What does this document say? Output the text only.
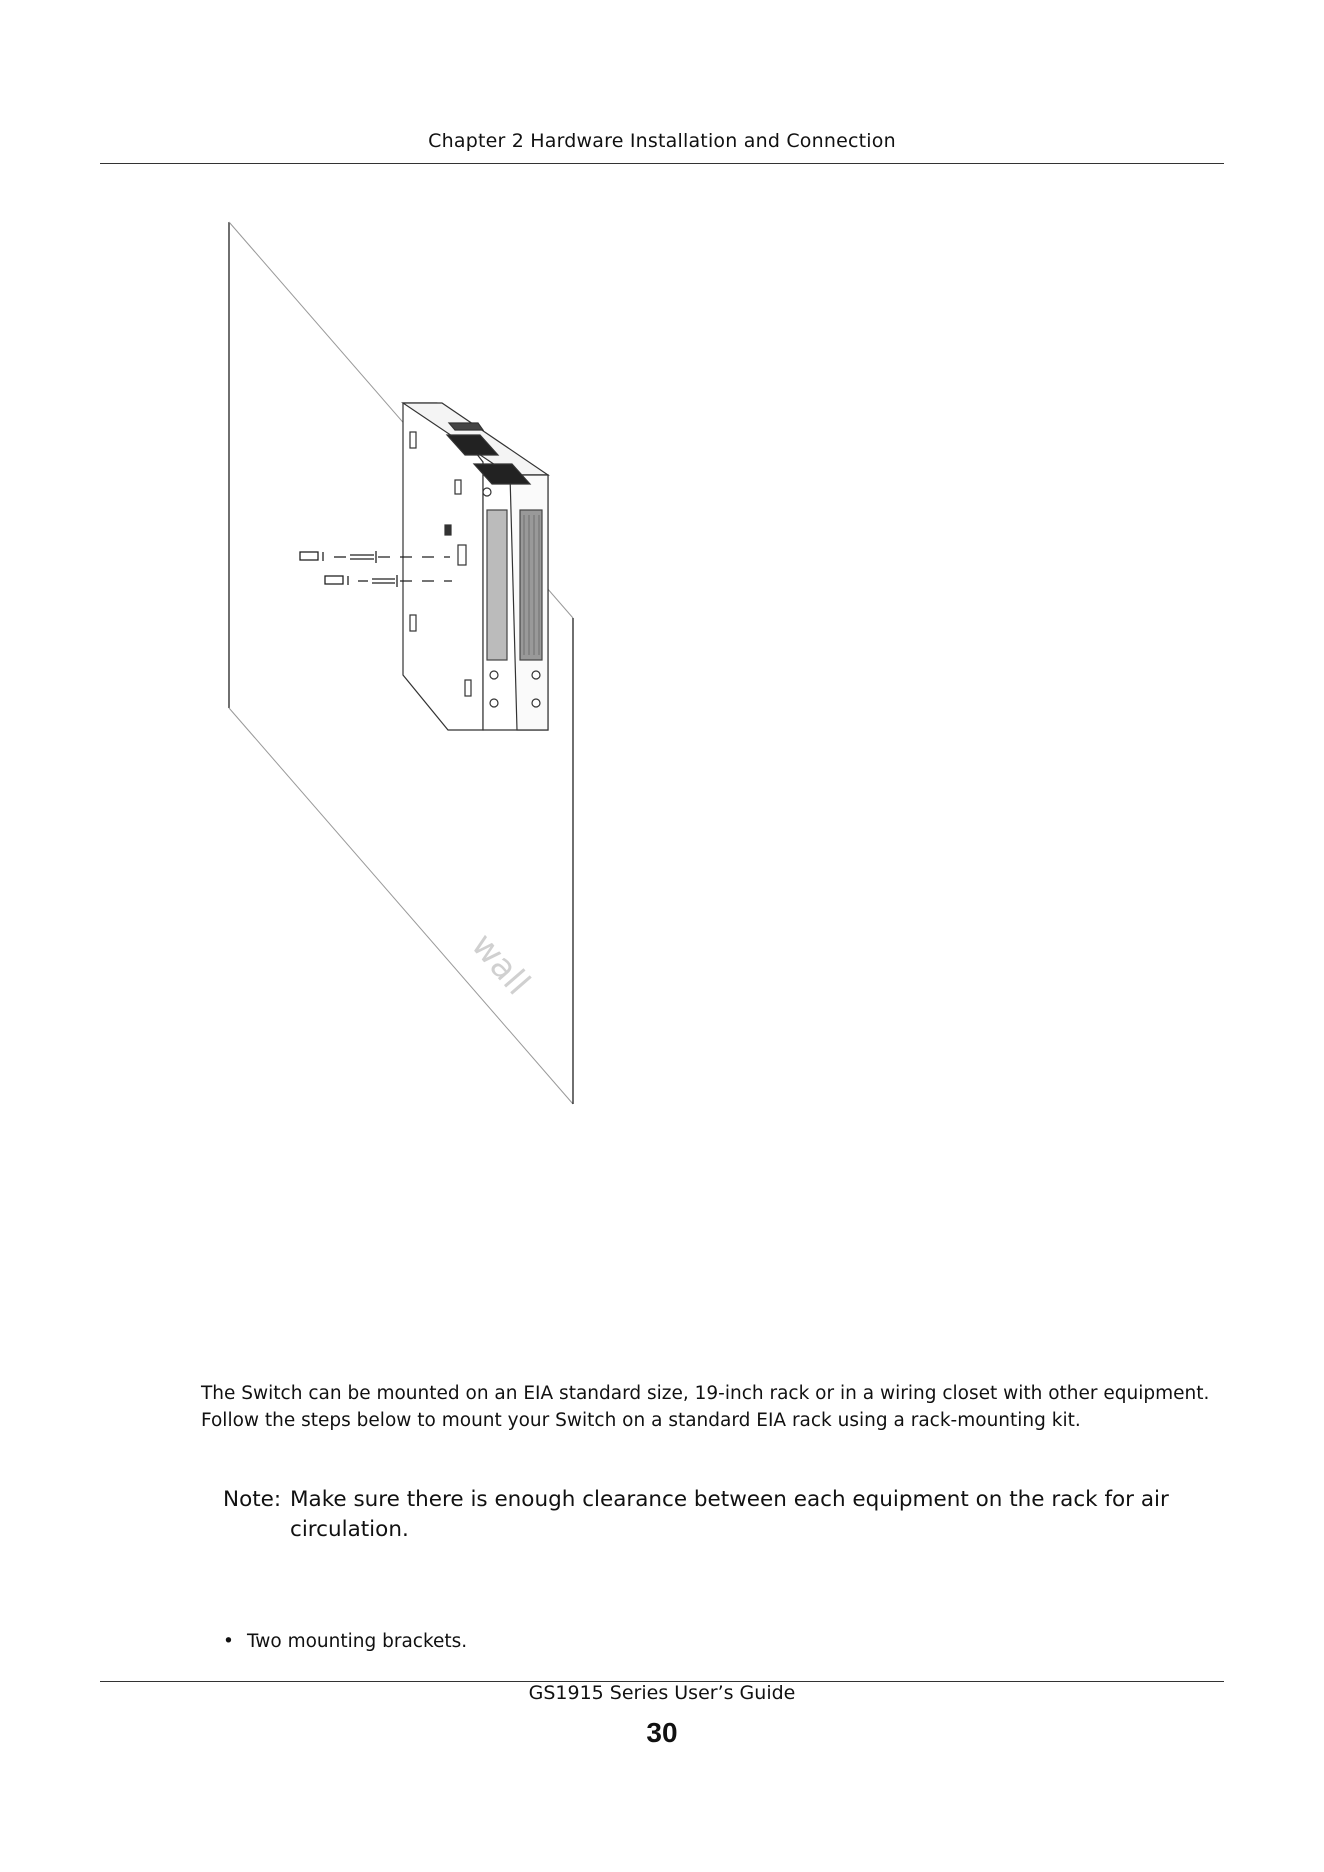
Chapter 2 Hardware Installation and Connection
wall
The Switch can be mounted on an EIA standard size, 19-inch rack or in a wiring closet with other equipment. Follow the steps below to mount your Switch on a standard EIA rack using a rack-mounting kit.
Note: Make sure there is enough clearance between each equipment on the rack for air circulation.
• Two mounting brackets.
GS1915 Series User’s Guide
30
